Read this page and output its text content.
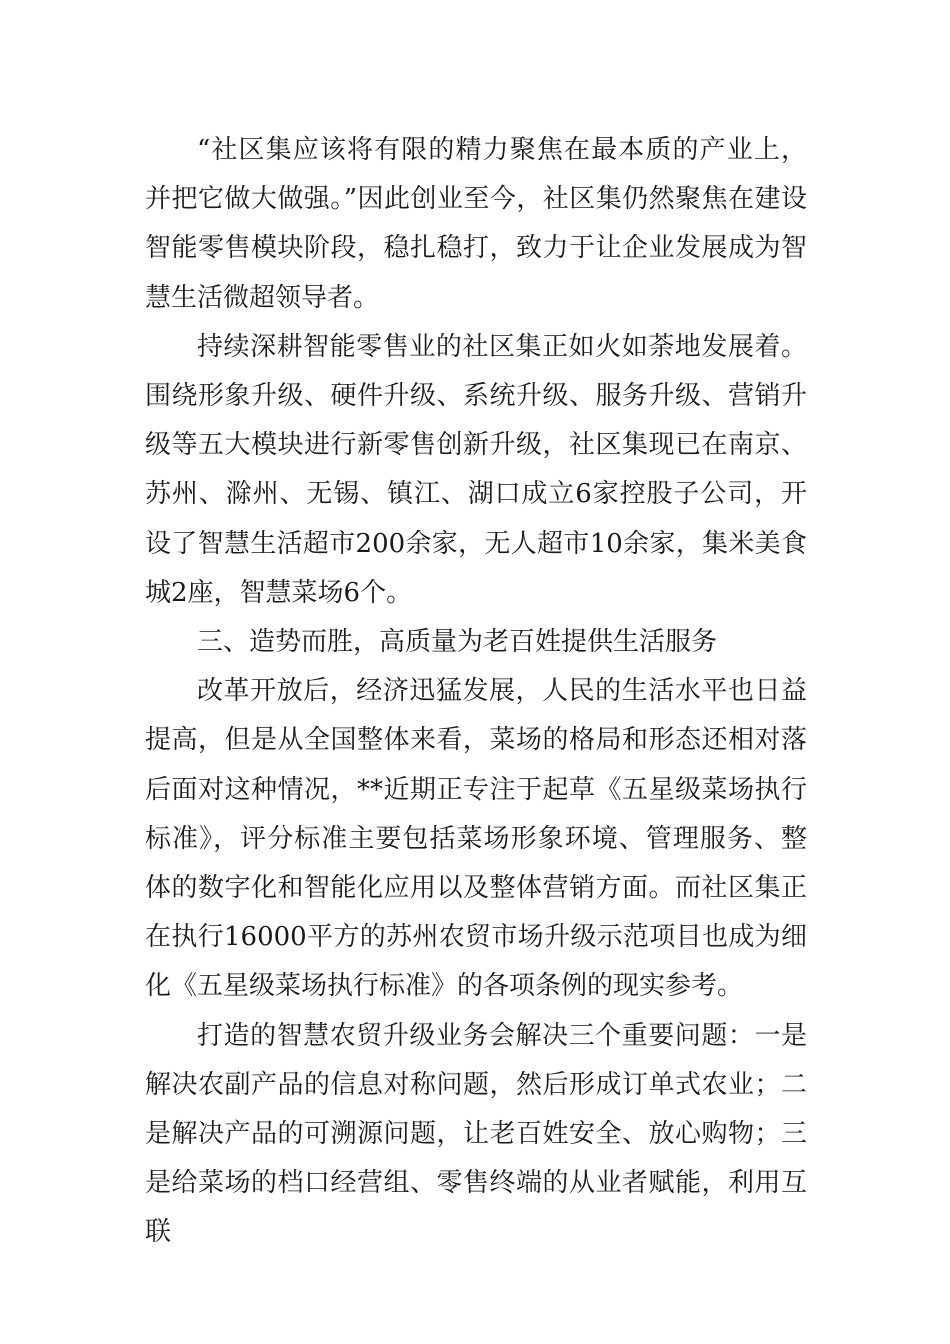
“社区集应该将有限的精力聚焦在最本质的产业上，并把它做大做强。”因此创业至今，社区集仍然聚焦在建设智能零售模块阶段，稳扎稳打，致力于让企业发展成为智慧生活微超领导者。

持续深耕智能零售业的社区集正如火如荼地发展着。围绕形象升级、硬件升级、系统升级、服务升级、营销升级等五大模块进行新零售创新升级，社区集现已在南京、苏州、滁州、无锡、镇江、湖口成立6家控股子公司，开设了智慧生活超市200余家，无人超市10余家，集米美食城2座，智慧菜场6个。

三、造势而胜，高质量为老百姓提供生活服务

改革开放后，经济迅猛发展，人民的生活水平也日益提高，但是从全国整体来看，菜场的格局和形态还相对落后面对这种情况，**近期正专注于起草《五星级菜场执行标准》，评分标准主要包括菜场形象环境、管理服务、整体的数字化和智能化应用以及整体营销方面。而社区集正在执行16000平方的苏州农贸市场升级示范项目也成为细化《五星级菜场执行标准》的各项条例的现实参考。

打造的智慧农贸升级业务会解决三个重要问题：一是解决农副产品的信息对称问题，然后形成订单式农业；二是解决产品的可溯源问题，让老百姓安全、放心购物；三是给菜场的档口经营组、零售终端的从业者赋能，利用互联
